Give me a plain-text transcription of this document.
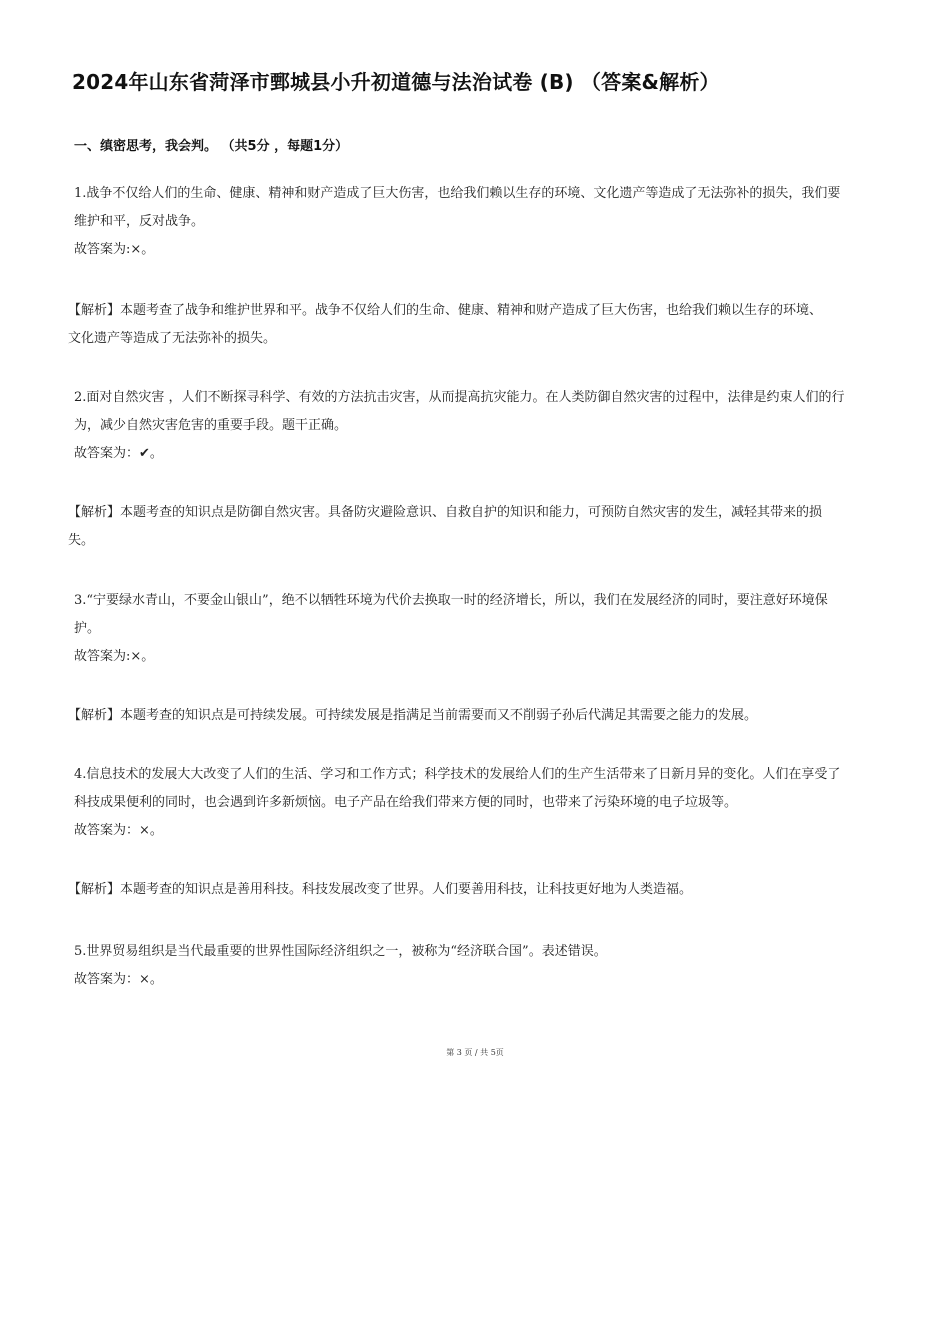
2024年山东省菏泽市鄄城县小升初道德与法治试卷 (B) （答案&解析）
一、缜密思考，我会判。 （共5分 ，每题1分）
1.战争不仅给人们的生命、健康、精神和财产造成了巨大伤害，也给我们赖以生存的环境、文化遗产等造成了无法弥补的损失，我们要
维护和平，反对战争。
故答案为:×。
【解析】本题考查了战争和维护世界和平。战争不仅给人们的生命、健康、精神和财产造成了巨大伤害，也给我们赖以生存的环境、
文化遗产等造成了无法弥补的损失。
2.面对自然灾害 ，人们不断探寻科学、有效的方法抗击灾害，从而提高抗灾能力。在人类防御自然灾害的过程中，法律是约束人们的行
为，减少自然灾害危害的重要手段。题干正确。
故答案为：✔。
【解析】本题考查的知识点是防御自然灾害。具备防灾避险意识、自救自护的知识和能力，可预防自然灾害的发生，减轻其带来的损
失。
3.“宁要绿水青山，不要金山银山”，绝不以牺牲环境为代价去换取一时的经济增长，所以，我们在发展经济的同时，要注意好环境保
护。
故答案为:×。
【解析】本题考查的知识点是可持续发展。可持续发展是指满足当前需要而又不削弱子孙后代满足其需要之能力的发展。
4.信息技术的发展大大改变了人们的生活、学习和工作方式；科学技术的发展给人们的生产生活带来了日新月异的变化。人们在享受了
科技成果便利的同时，也会遇到许多新烦恼。电子产品在给我们带来方便的同时，也带来了污染环境的电子垃圾等。
故答案为：×。
【解析】本题考查的知识点是善用科技。科技发展改变了世界。人们要善用科技，让科技更好地为人类造福。
5.世界贸易组织是当代最重要的世界性国际经济组织之一，被称为“经济联合国”。表述错误。
故答案为：×。
第 3 页 / 共 5页
